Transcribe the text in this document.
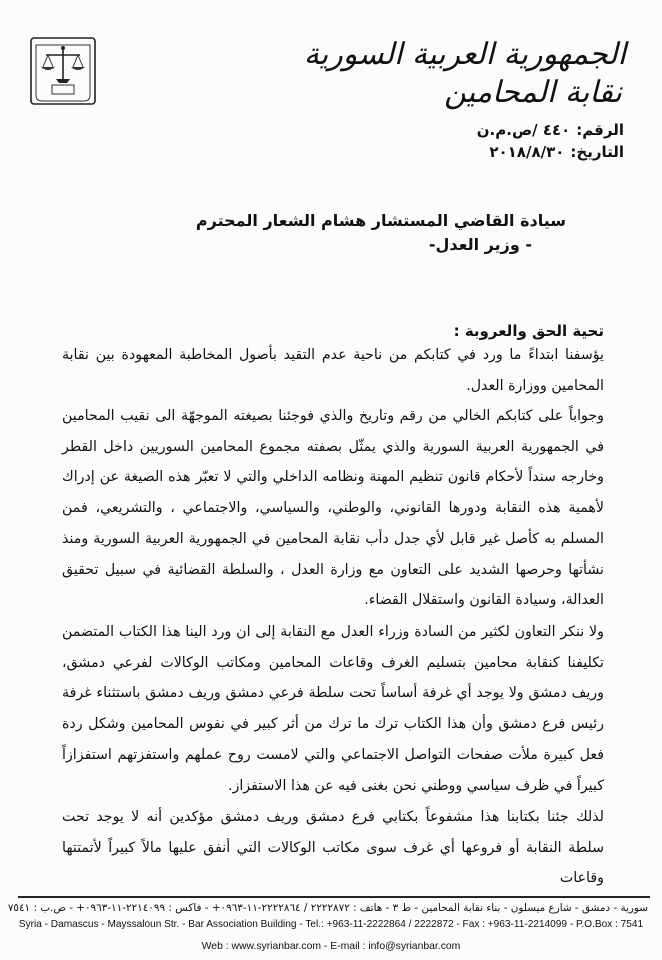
الجمهورية العربية السورية
نقابة المحامين
الرقم:٤٤٠ /ص.م.ن
التاريخ:٢٠١٨/٨/٣٠
سيادة القاضي المستشار هشام الشعار المحترم
- وزير العدل-
تحية الحق والعروبة :
يؤسفنا ابتداءً ما ورد في كتابكم من ناحية عدم التقيد بأصول المخاطبة المعهودة بين نقابة المحامين ووزارة العدل.
وجواباً على كتابكم الخالي من رقم وتاريخ والذي فوجئنا بصيغته الموجهّة الى نقيب المحامين في الجمهورية العربية السورية والذي يمثّل بصفته مجموع المحامين السوريين داخل القطر وخارجه سنداً لأحكام قانون تنظيم المهنة ونظامه الداخلي والتي لا تعبّر هذه الصيغة عن إدراك لأهمية هذه النقابة ودورها القانوني، والوطني، والسياسي، والاجتماعي ، والتشريعي، فمن المسلم به كأصل غير قابل لأي جدل دأب نقابة المحامين في الجمهورية العربية السورية ومنذ نشأتها وحرصها الشديد على التعاون مع وزارة العدل ، والسلطة القضائية في سبيل تحقيق العدالة، وسيادة القانون واستقلال القضاء.
ولا ننكر التعاون لكثير من السادة وزراء العدل مع النقابة إلى ان ورد الينا هذا الكتاب المتضمن تكليفنا كنقابة محامين بتسليم الغرف وقاعات المحامين ومكاتب الوكالات لفرعي دمشق، وريف دمشق ولا يوجد أي غرفة أساساً تحت سلطة فرعي دمشق وريف دمشق باستثناء غرفة رئيس فرع دمشق وأن هذا الكتاب ترك ما ترك من أثر كبير في نفوس المحامين وشكل ردة فعل كبيرة ملأت صفحات التواصل الاجتماعي والتي لامست روح عملهم واستفزتهم استفزازاً كبيراً في ظرف سياسي ووطني نحن بغنى فيه عن هذا الاستفزاز.
لذلك جئنا بكتابنا هذا مشفوعاً بكتابي فرع دمشق وريف دمشق مؤكدين أنه لا يوجد تحت سلطة النقابة أو فروعها أي غرف سوى مكاتب الوكالات التي أنفق عليها مالاً كبيراً لأتمتتها وقاعات
سورية - دمشق - شارع ميسلون - بناء نقابة المحامين - ط ٣ - هاتف : ٢٢٢٢٨٧٢ / ٢٢٢٢٨٦٤-١١-٠٩٦٣+ - فاكس : ٢٢١٤٠٩٩-١١-٠٩٦٣+ - ص.ب : ٧٥٤١
Syria - Damascus - Mayssaloun Str. - Bar Association Building - Tel.: +963-11-2222864 / 2222872 - Fax : +963-11-2214099 - P.O.Box : 7541
Web : www.syrianbar.com - E-mail : info@syrianbar.com
